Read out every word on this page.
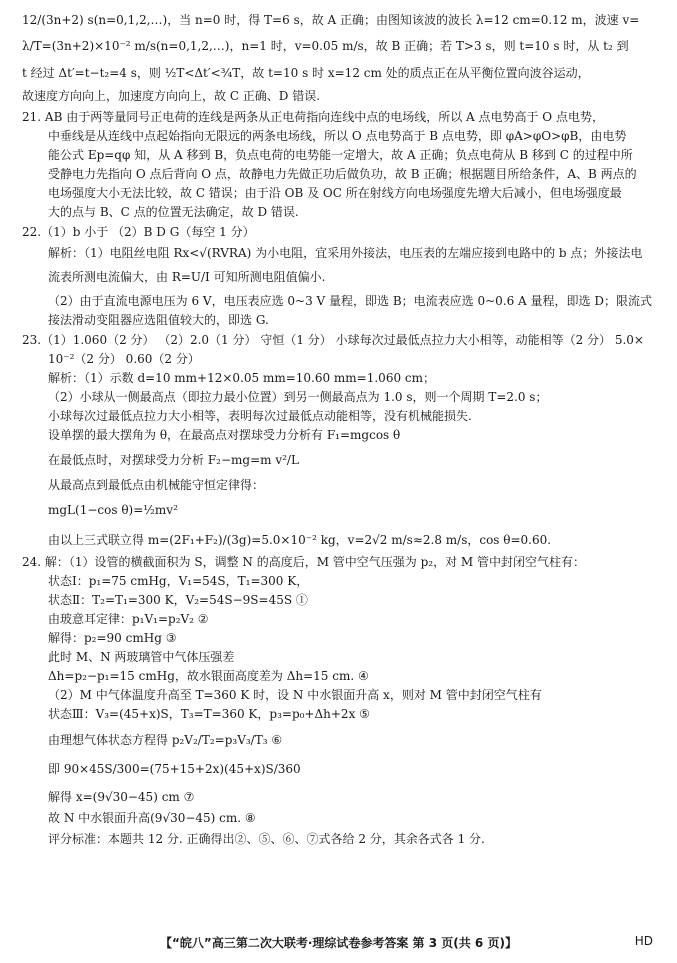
12/(3n+2) s(n=0,1,2,…)，当 n=0 时，得 T=6 s，故 A 正确；由图知该波的波长 λ=12 cm=0.12 m，波速 v=
λ/T=(3n+2)×10⁻² m/s(n=0,1,2,…)，n=1 时，v=0.05 m/s，故 B 正确；若 T>3 s，则 t=10 s 时，从 t₂ 到
t 经过 Δt′=t−t₂=4 s，则 ½T<Δt′<¾T，故 t=10 s 时 x=12 cm 处的质点正在从平衡位置向波谷运动，
故速度方向向上，加速度方向向上，故 C 正确、D 错误.
21. AB 由于两等量同号正电荷的连线是两条从正电荷指向连线中点的电场线，所以 A 点电势高于 O 点电势，
中垂线是从连线中点起始指向无限远的两条电场线，所以 O 点电势高于 B 点电势，即 φA>φO>φB，由电势
能公式 Ep=qφ 知，从 A 移到 B，负点电荷的电势能一定增大，故 A 正确；负点电荷从 B 移到 C 的过程中所
受静电力先指向 O 点后背向 O 点，故静电力先做正功后做负功，故 B 正确；根据题目所给条件，A、B 两点的
电场强度大小无法比较，故 C 错误；由于沿 OB 及 OC 所在射线方向电场强度先增大后减小，但电场强度最
大的点与 B、C 点的位置无法确定，故 D 错误.
22.（1）b 小于 （2）B D G（每空 1 分）
解析：（1）电阻丝电阻 Rx<√(RVRA) 为小电阻，宜采用外接法，电压表的左端应接到电路中的 b 点；外接法电
流表所测电流偏大，由 R=U/I 可知所测电阻值偏小.
（2）由于直流电源电压为 6 V，电压表应选 0~3 V 量程，即选 B；电流表应选 0~0.6 A 量程，即选 D；限流式
接法滑动变阻器应选阻值较大的，即选 G.
23.（1）1.060（2 分） （2）2.0（1 分） 守恒（1 分） 小球每次过最低点拉力大小相等，动能相等（2 分） 5.0×
10⁻²（2 分） 0.60（2 分）
解析：（1）示数 d=10 mm+12×0.05 mm=10.60 mm=1.060 cm；
（2）小球从一侧最高点（即拉力最小位置）到另一侧最高点为 1.0 s，则一个周期 T=2.0 s；
小球每次过最低点拉力大小相等，表明每次过最低点动能相等，没有机械能损失.
设单摆的最大摆角为 θ，在最高点对摆球受力分析有 F₁=mgcos θ
在最低点时，对摆球受力分析 F₂−mg=m v²/L
从最高点到最低点由机械能守恒定律得：
mgL(1−cos θ)=½mv²
由以上三式联立得 m=(2F₁+F₂)/(3g)=5.0×10⁻² kg，v=2√2 m/s≈2.8 m/s，cos θ=0.60.
24. 解：（1）设管的横截面积为 S，调整 N 的高度后，M 管中空气压强为 p₂，对 M 管中封闭空气柱有：
状态Ⅰ：p₁=75 cmHg，V₁=54S，T₁=300 K，
状态Ⅱ：T₂=T₁=300 K，V₂=54S−9S=45S ①
由玻意耳定律：p₁V₁=p₂V₂ ②
解得：p₂=90 cmHg ③
此时 M、N 两玻璃管中气体压强差
Δh=p₂−p₁=15 cmHg，故水银面高度差为 Δh=15 cm. ④
（2）M 中气体温度升高至 T=360 K 时，设 N 中水银面升高 x，则对 M 管中封闭空气柱有
状态Ⅲ：V₃=(45+x)S，T₃=T=360 K，p₃=p₀+Δh+2x ⑤
由理想气体状态方程得 p₂V₂/T₂=p₃V₃/T₃ ⑥
即 90×45S/300=(75+15+2x)(45+x)S/360
解得 x=(9√30−45) cm ⑦
故 N 中水银面升高(9√30−45) cm. ⑧
评分标准：本题共 12 分. 正确得出②、⑤、⑥、⑦式各给 2 分，其余各式各 1 分.
【“皖八”高三第二次大联考·理综试卷参考答案 第 3 页(共 6 页)】	HD
